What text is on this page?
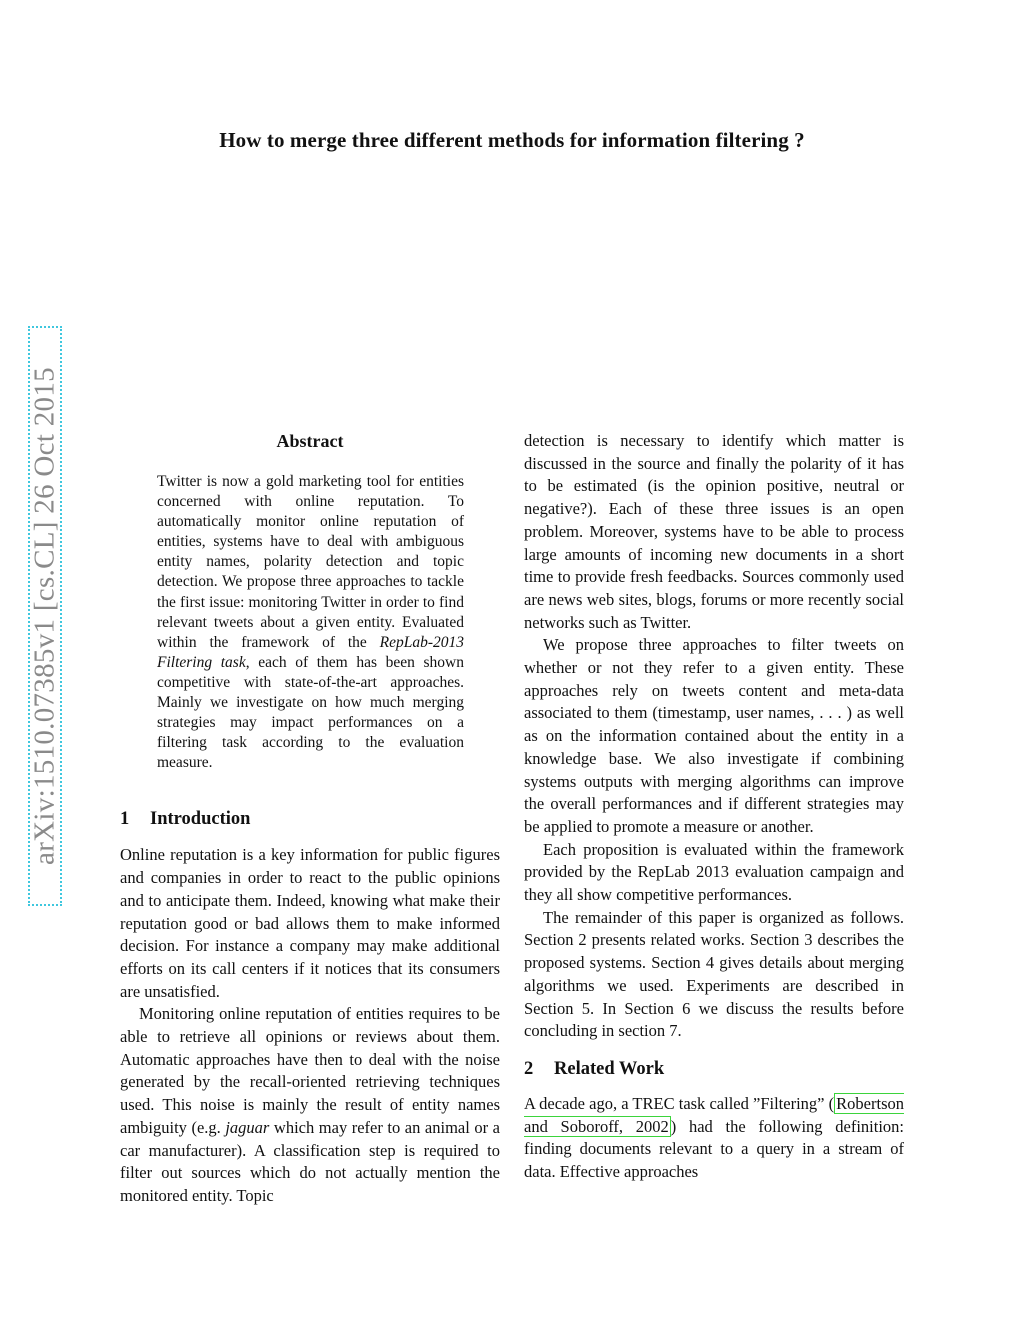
How to merge three different methods for information filtering ?
arXiv:1510.07385v1 [cs.CL] 26 Oct 2015	Abstract
Twitter is now a gold marketing tool for entities concerned with online reputation. To automatically monitor online reputation of entities, systems have to deal with ambiguous entity names, polarity detection and topic detection. We propose three approaches to tackle the first issue: monitoring Twitter in order to find relevant tweets about a given entity. Evaluated within the framework of the RepLab-2013 Filtering task, each of them has been shown competitive with state-of-the-art approaches. Mainly we investigate on how much merging strategies may impact performances on a filtering task according to the evaluation measure.
1 Introduction

Online reputation is a key information for public figures and companies in order to react to the public opinions and to anticipate them. Indeed, knowing what make their reputation good or bad allows them to make informed decision. For instance a company may make additional efforts on its call centers if it notices that its consumers are unsatisfied.

Monitoring online reputation of entities requires to be able to retrieve all opinions or reviews about them. Automatic approaches have then to deal with the noise generated by the recall-oriented retrieving techniques used. This noise is mainly the result of entity names ambiguity (e.g. jaguar which may refer to an animal or a car manufacturer). A classification step is required to filter out sources which do not actually mention the monitored entity. Topic

detection is necessary to identify which matter is discussed in the source and finally the polarity of it has to be estimated (is the opinion positive, neutral or negative?). Each of these three issues is an open problem. Moreover, systems have to be able to process large amounts of incoming new documents in a short time to provide fresh feedbacks. Sources commonly used are news web sites, blogs, forums or more recently social networks such as Twitter.

We propose three approaches to filter tweets on whether or not they refer to a given entity. These approaches rely on tweets content and meta-data associated to them (timestamp, user names, . . . ) as well as on the information contained about the entity in a knowledge base. We also investigate if combining systems outputs with merging algorithms can improve the overall performances and if different strategies may be applied to promote a measure or another.

Each proposition is evaluated within the framework provided by the RepLab 2013 evaluation campaign and they all show competitive performances.

The remainder of this paper is organized as follows. Section 2 presents related works. Section 3 describes the proposed systems. Section 4 gives details about merging algorithms we used. Experiments are described in Section 5. In Section 6 we discuss the results before concluding in section 7.

2 Related Work

A decade ago, a TREC task called ”Filtering” ( Robertson and Soboroff, 2002 ) had the following definition: finding documents relevant to a query in a stream of data. Effective approaches
